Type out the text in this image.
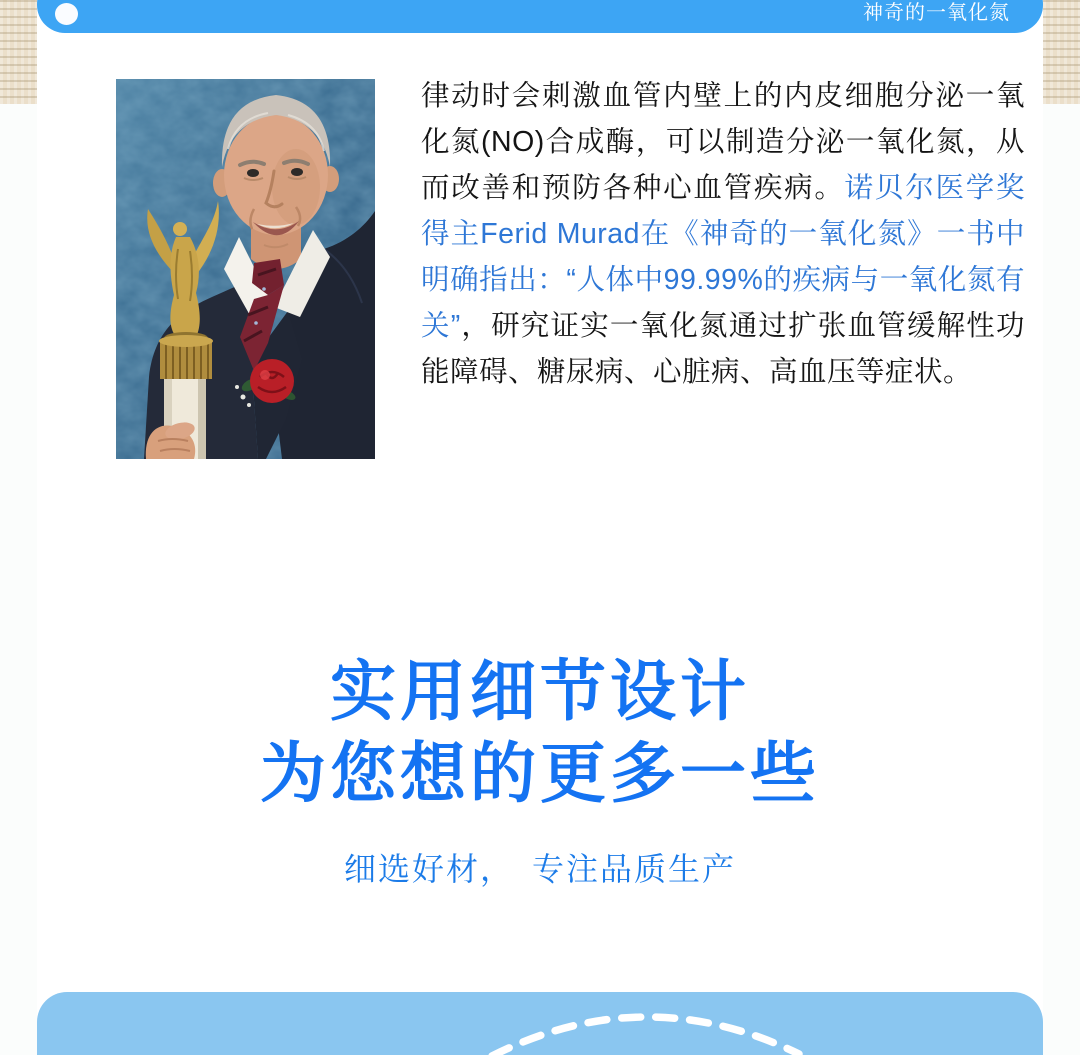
神奇的一氧化氮

律动时会刺激血管内壁上的内皮细胞分泌一氧化氮(NO)合成酶，可以制造分泌一氧化氮，从而改善和预防各种心血管疾病。诺贝尔医学奖得主Ferid Murad在《神奇的一氧化氮》一书中明确指出：“人体中99.99%的疾病与一氧化氮有关”，研究证实一氧化氮通过扩张血管缓解性功能障碍、糖尿病、心脏病、高血压等症状。

实用细节设计
为您想的更多一些
细选好材，　专注品质生产
